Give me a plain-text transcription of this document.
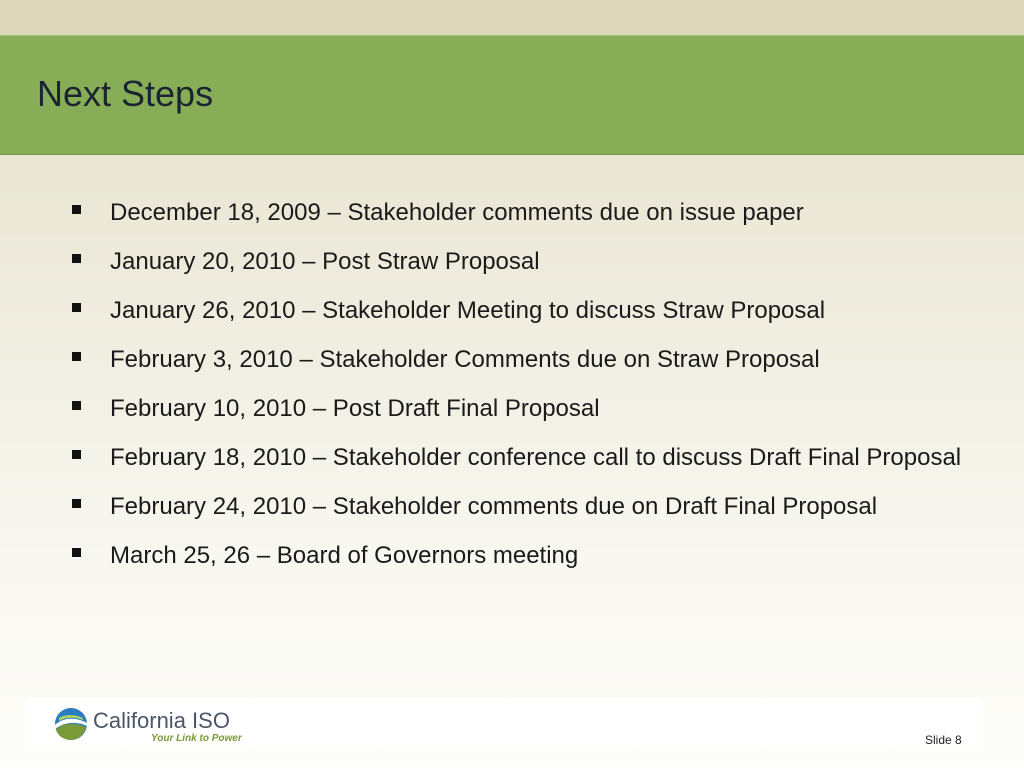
Next Steps
December 18, 2009 – Stakeholder comments due on issue paper
January 20, 2010 – Post Straw Proposal
January 26, 2010 – Stakeholder Meeting to discuss Straw Proposal
February 3, 2010 – Stakeholder Comments due on Straw Proposal
February 10, 2010 – Post Draft Final Proposal
February 18, 2010 – Stakeholder conference call to discuss Draft Final Proposal
February 24, 2010 – Stakeholder comments due on Draft Final Proposal
March 25, 26 – Board of Governors meeting
California ISO
Your Link to Power	Slide 8
